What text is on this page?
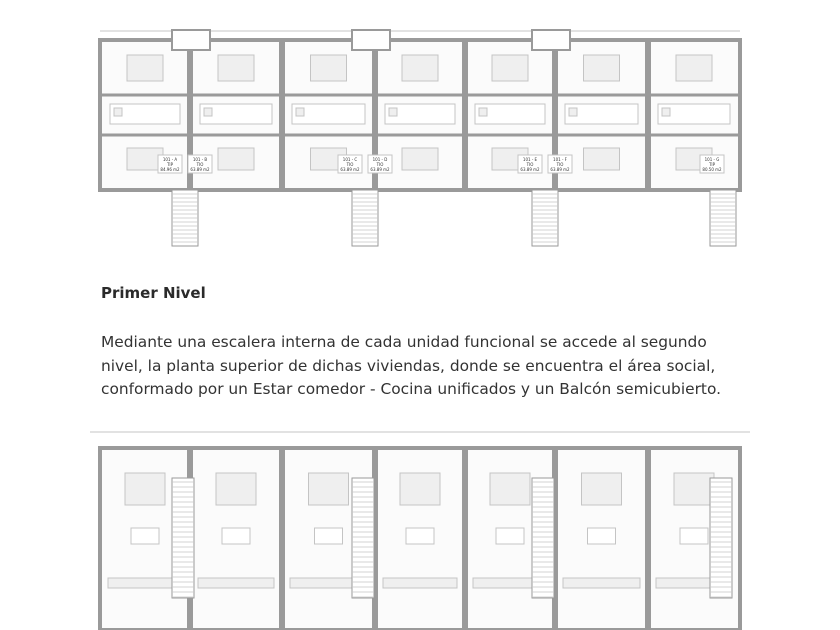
101 - A
TIP
84.96 m2
101 - B
TIO
63.89 m2
101 - C
TIO
63.89 m2
101 - D
TIO
63.89 m2
101 - E
TIO
63.89 m2
101 - F
TIO
63.89 m2
101 - G
TIP
80.50 m2
Primer Nivel

Mediante una escalera interna de cada unidad funcional se accede al segundo nivel, la planta superior de dichas viviendas, donde se encuentra el área social, conformado por un Estar comedor - Cocina unificados y un Balcón semicubierto.
